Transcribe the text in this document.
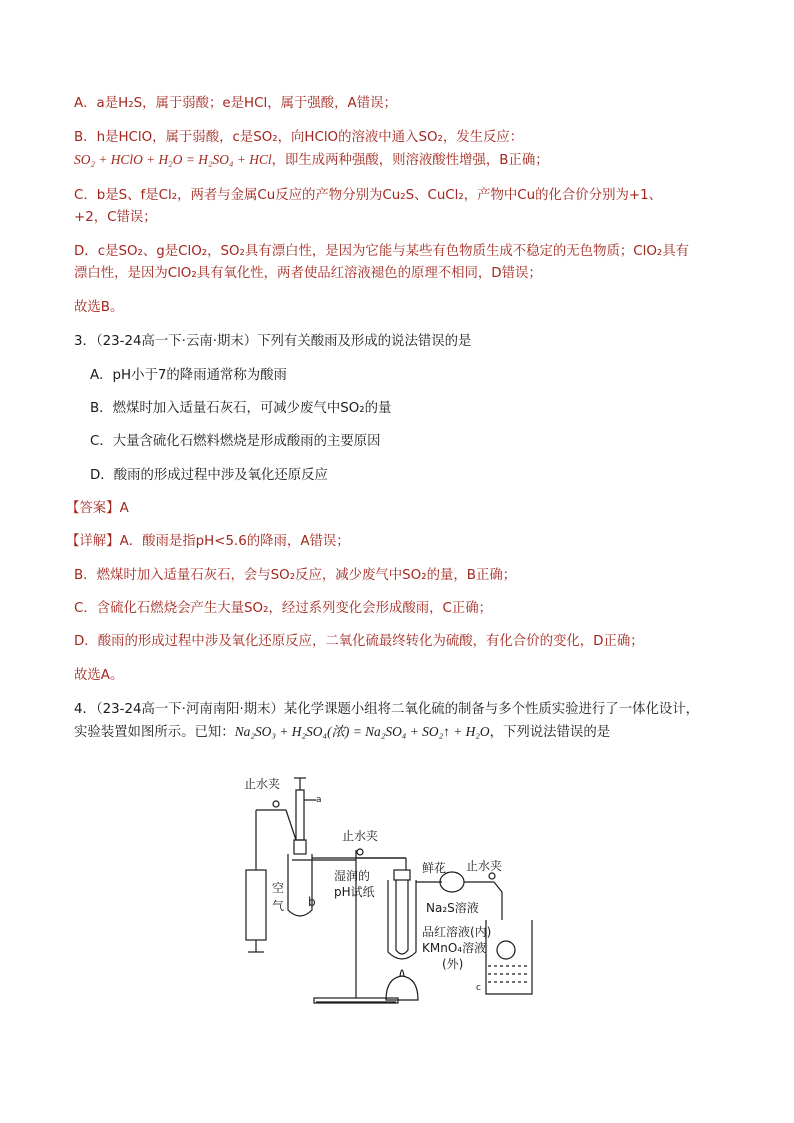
A．a是H₂S，属于弱酸；e是HCl，属于强酸，A错误；
B．h是HClO，属于弱酸，c是SO₂，向HClO的溶液中通入SO₂，发生反应：
SO₂ + HClO + H₂O = H₂SO₄ + HCl，即生成两种强酸，则溶液酸性增强，B正确；
C．b是S、f是Cl₂，两者与金属Cu反应的产物分别为Cu₂S、CuCl₂，产物中Cu的化合价分别为+1、
+2，C错误；
D．c是SO₂、g是ClO₂，SO₂具有漂白性，是因为它能与某些有色物质生成不稳定的无色物质；ClO₂具有
漂白性，是因为ClO₂具有氧化性，两者使品红溶液褪色的原理不相同，D错误；
故选B。
3．（23-24高一下·云南·期末）下列有关酸雨及形成的说法错误的是
A．pH小于7的降雨通常称为酸雨
B．燃煤时加入适量石灰石，可减少废气中SO₂的量
C．大量含硫化石燃料燃烧是形成酸雨的主要原因
D．酸雨的形成过程中涉及氧化还原反应
【答案】A
【详解】A．酸雨是指pH<5.6的降雨，A错误；
B．燃煤时加入适量石灰石，会与SO₂反应，减少废气中SO₂的量，B正确；
C．含硫化石燃烧会产生大量SO₂，经过系列变化会形成酸雨，C正确；
D．酸雨的形成过程中涉及氧化还原反应，二氧化硫最终转化为硫酸，有化合价的变化，D正确；
故选A。
4．（23-24高一下·河南南阳·期末）某化学课题小组将二氧化硫的制备与多个性质实验进行了一体化设计，
实验装置如图所示。已知：Na₂SO₃ + H₂SO₄(浓) = Na₂SO₄ + SO₂↑ + H₂O，下列说法错误的是
止水夹
a
止水夹
空
气 b
湿润的
pH试纸
鲜花
Na₂S溶液
止水夹
品红溶液(内)
KMnO₄溶液
(外)
c
